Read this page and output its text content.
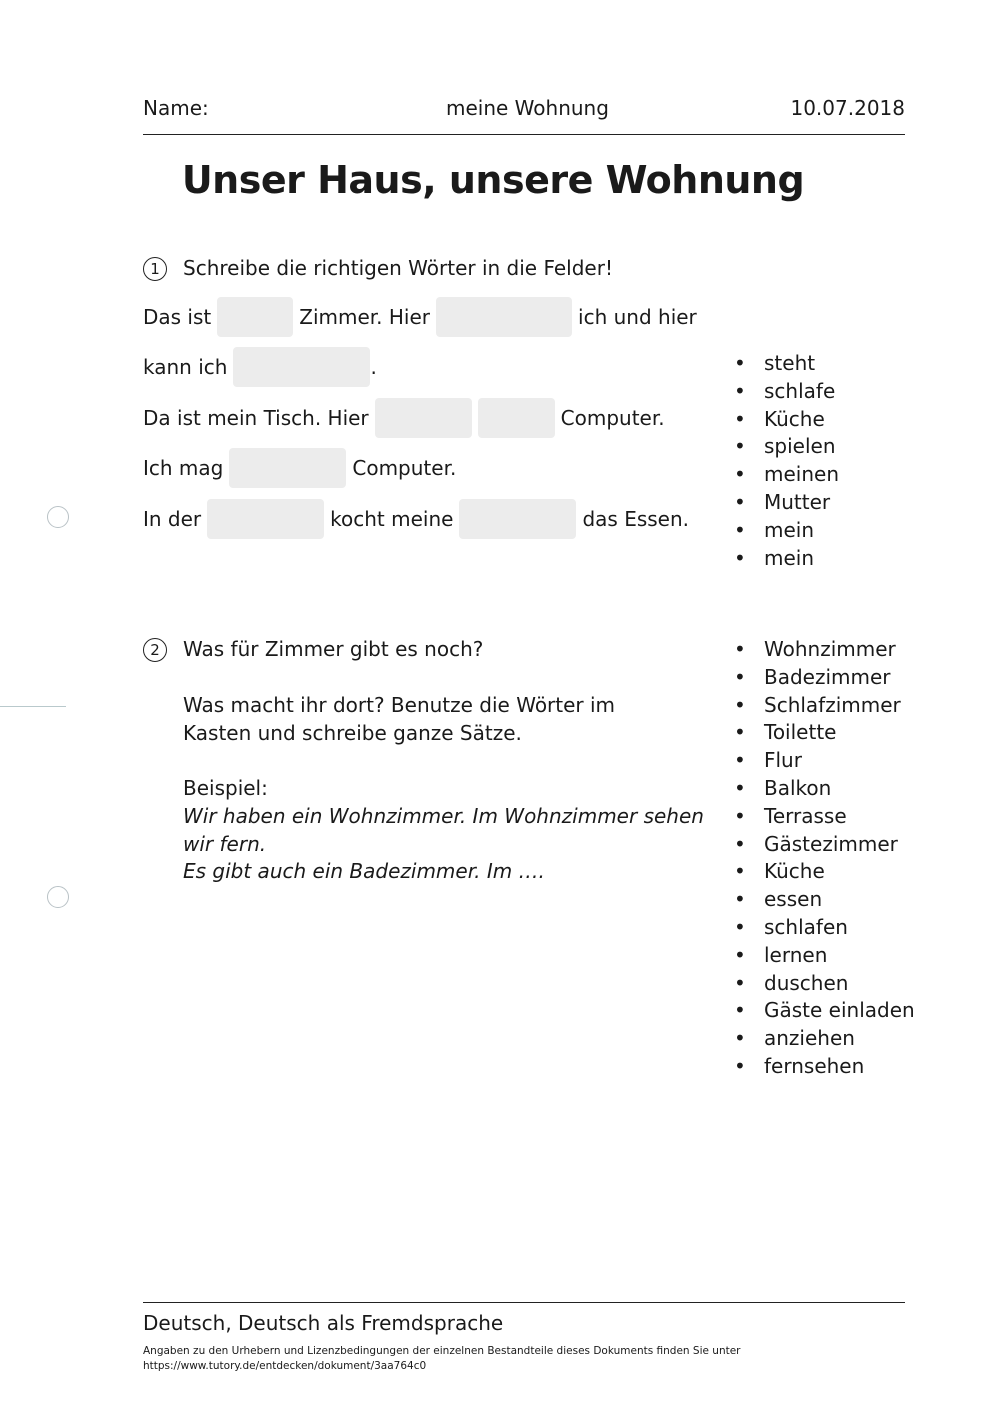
Name:	meine Wohnung	10.07.2018
Unser Haus, unsere Wohnung
1	Schreibe die richtigen Wörter in die Felder!
Das ist	Zimmer. Hier	ich und hier
kann ich	.
Da ist mein Tisch. Hier	Computer.
Ich mag	Computer.
In der	kocht meine	das Essen.
• steht
• schlafe
• Küche
• spielen
• meinen
• Mutter
• mein
• mein
2	Was für Zimmer gibt es noch?
Was macht ihr dort? Benutze die Wörter im
Kasten und schreibe ganze Sätze.
Beispiel:
Wir haben ein Wohnzimmer. Im Wohnzimmer sehen
wir fern.
Es gibt auch ein Badezimmer. Im ….
• Wohnzimmer
• Badezimmer
• Schlafzimmer
• Toilette
• Flur
• Balkon
• Terrasse
• Gästezimmer
• Küche
• essen
• schlafen
• lernen
• duschen
• Gäste einladen
• anziehen
• fernsehen
Deutsch, Deutsch als Fremdsprache
Angaben zu den Urhebern und Lizenzbedingungen der einzelnen Bestandteile dieses Dokuments finden Sie unter
https://www.tutory.de/entdecken/dokument/3aa764c0
